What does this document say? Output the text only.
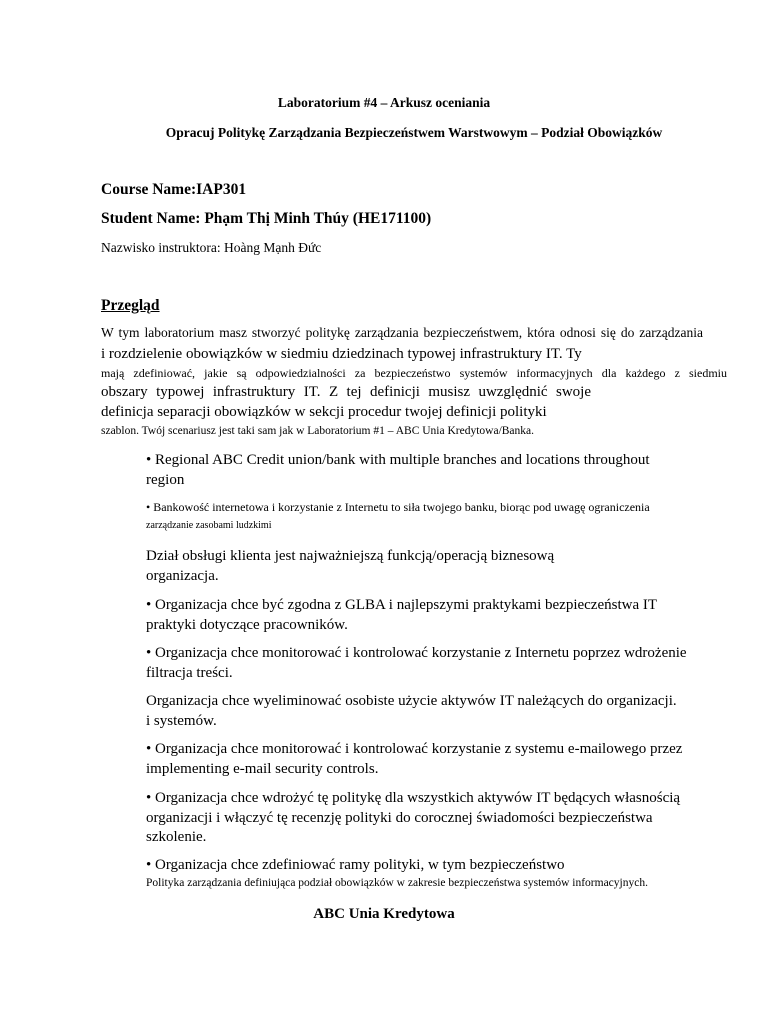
Laboratorium #4 – Arkusz oceniania
Opracuj Politykę Zarządzania Bezpieczeństwem Warstwowym – Podział Obowiązków
Course Name:IAP301
Student Name: Phạm Thị Minh Thúy (HE171100)
Nazwisko instruktora: Hoàng Mạnh Đức
Przegląd
W tym laboratorium masz stworzyć politykę zarządzania bezpieczeństwem, która odnosi się do zarządzania
i rozdzielenie obowiązków w siedmiu dziedzinach typowej infrastruktury IT. Ty
mają zdefiniować, jakie są odpowiedzialności za bezpieczeństwo systemów informacyjnych dla każdego z siedmiu
obszary typowej infrastruktury IT. Z tej definicji musisz uwzględnić swoje
definicja separacji obowiązków w sekcji procedur twojej definicji polityki
szablon. Twój scenariusz jest taki sam jak w Laboratorium #1 – ABC Unia Kredytowa/Banka.
• Regional ABC Credit union/bank with multiple branches and locations throughout
region
• Bankowość internetowa i korzystanie z Internetu to siła twojego banku, biorąc pod uwagę ograniczenia
zarządzanie zasobami ludzkimi
Dział obsługi klienta jest najważniejszą funkcją/operacją biznesową
organizacja.
• Organizacja chce być zgodna z GLBA i najlepszymi praktykami bezpieczeństwa IT
praktyki dotyczące pracowników.
• Organizacja chce monitorować i kontrolować korzystanie z Internetu poprzez wdrożenie
filtracja treści.
Organizacja chce wyeliminować osobiste użycie aktywów IT należących do organizacji.
i systemów.
• Organizacja chce monitorować i kontrolować korzystanie z systemu e-mailowego przez
implementing e-mail security controls.
• Organizacja chce wdrożyć tę politykę dla wszystkich aktywów IT będących własnością
organizacji i włączyć tę recenzję polityki do corocznej świadomości bezpieczeństwa
szkolenie.
• Organizacja chce zdefiniować ramy polityki, w tym bezpieczeństwo
Polityka zarządzania definiująca podział obowiązków w zakresie bezpieczeństwa systemów informacyjnych.
ABC Unia Kredytowa
